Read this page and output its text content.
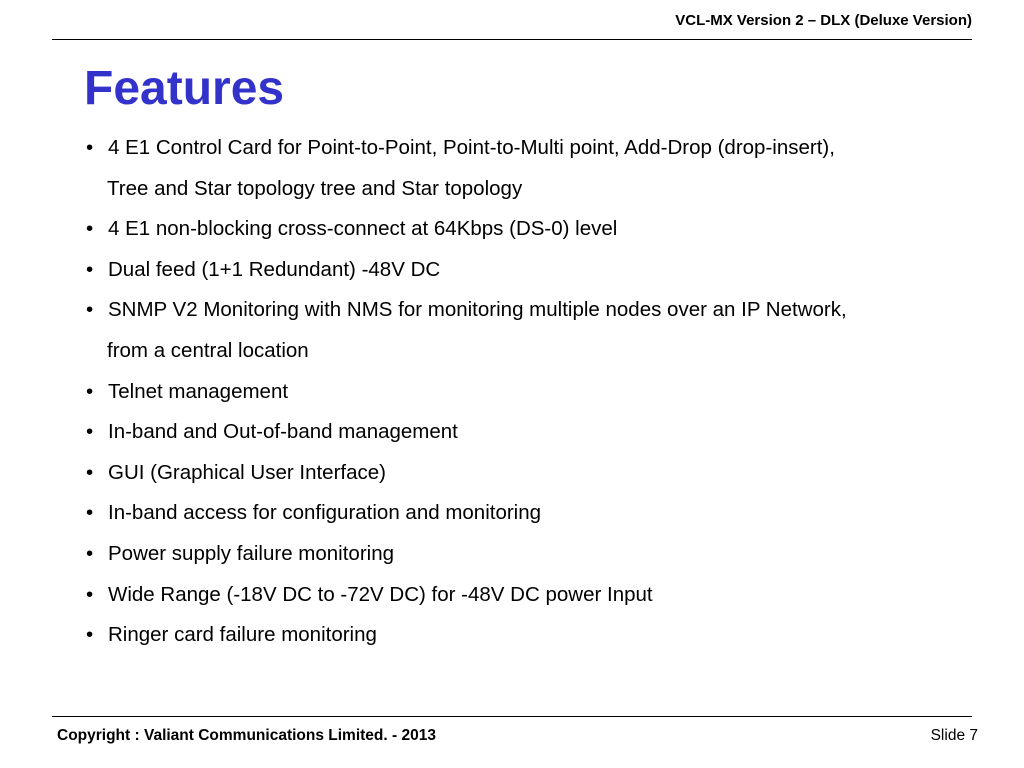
VCL-MX Version 2 – DLX (Deluxe Version)
Features
• 4 E1 Control Card for Point-to-Point, Point-to-Multi point, Add-Drop (drop-insert),
Tree and Star topology tree and Star topology
• 4 E1 non-blocking cross-connect at 64Kbps (DS-0) level
• Dual feed (1+1 Redundant) -48V DC
• SNMP V2 Monitoring with NMS for monitoring multiple nodes over an IP Network,
from a central location
• Telnet management
• In-band and Out-of-band management
• GUI (Graphical User Interface)
• In-band access for configuration and monitoring
• Power supply failure monitoring
• Wide Range (-18V DC to -72V DC) for -48V DC power Input
• Ringer card failure monitoring
Copyright : Valiant Communications Limited. - 2013	Slide 7
